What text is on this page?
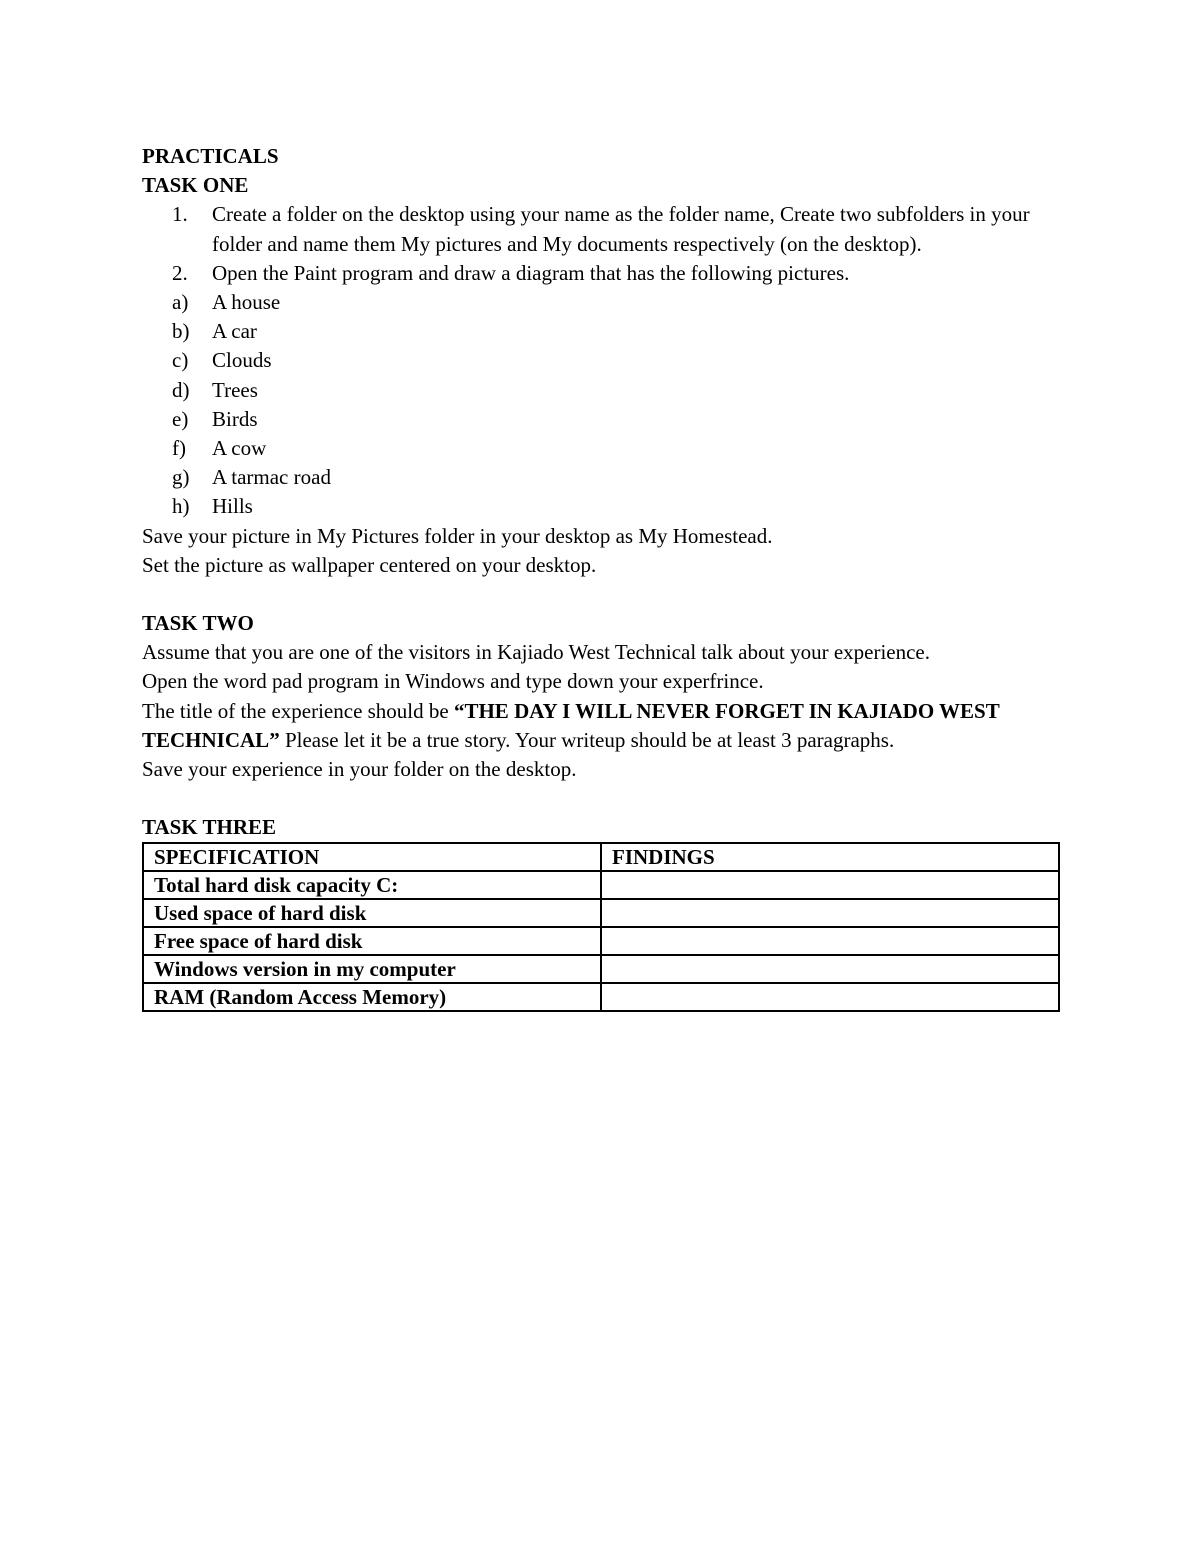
PRACTICALS
TASK ONE
1.	Create a folder on the desktop using your name as the folder name, Create two subfolders in your folder and name them My pictures and My documents respectively (on the desktop).
2.	Open the Paint program and draw a diagram that has the following pictures.
a)	A house
b)	A car
c)	Clouds
d)	Trees
e)	Birds
f)	A cow
g)	A tarmac road
h)	Hills
Save your picture in My Pictures folder in your desktop as My Homestead.
Set the picture as wallpaper centered on your desktop.
TASK TWO
Assume that you are one of the visitors in Kajiado West Technical talk about your experience.
Open the word pad program in Windows and type down your experfrince.
The title of the experience should be “THE DAY I WILL NEVER FORGET IN KAJIADO WEST TECHNICAL” Please let it be a true story. Your writeup should be at least 3 paragraphs.
Save your experience in your folder on the desktop.
TASK THREE
SPECIFICATION	FINDINGS
Total hard disk capacity C:	
Used space of hard disk	
Free space of hard disk	
Windows version in my computer	
RAM (Random Access Memory)	
